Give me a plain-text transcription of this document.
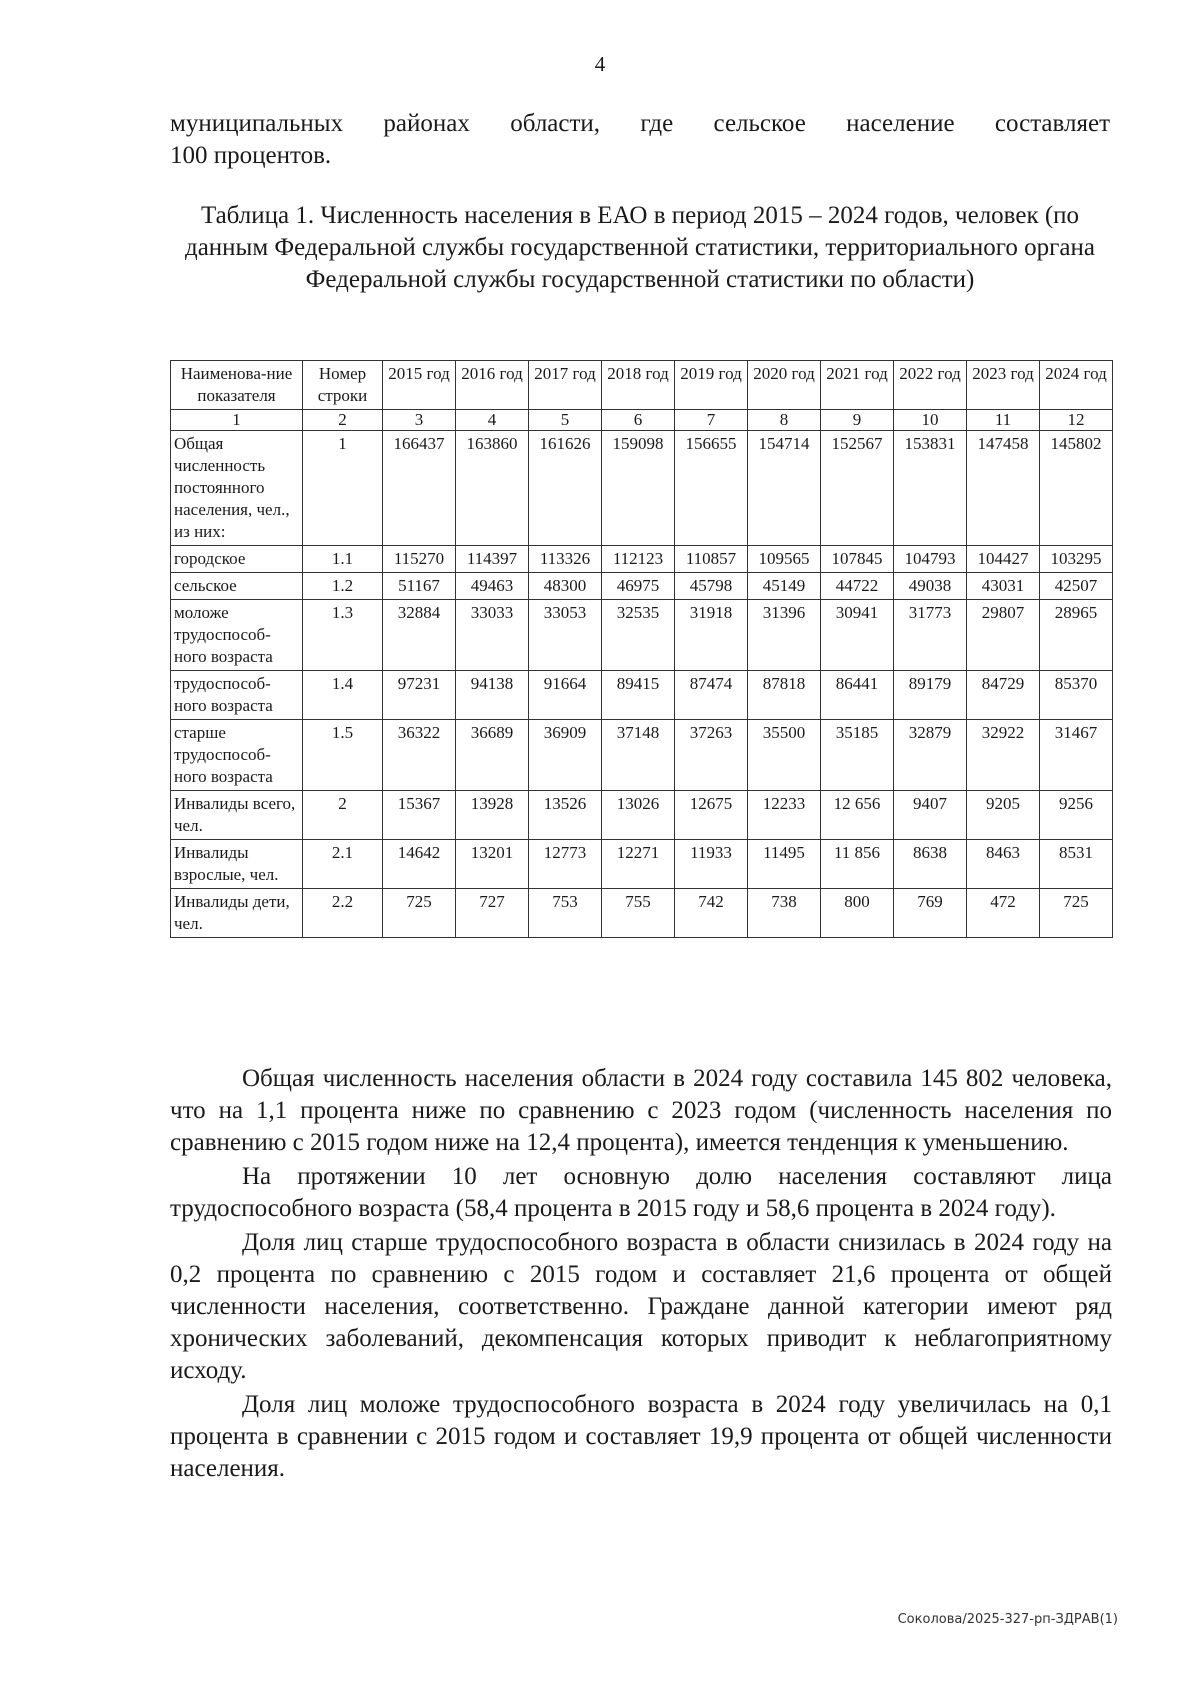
4
муниципальных районах области, где сельское население составляет
100 процентов.
Таблица 1. Численность населения в ЕАО в период 2015 – 2024 годов, человек (по данным Федеральной службы государственной статистики, территориального органа Федеральной службы государственной статистики по области)
Наименова-ние показателя	Номер строки	2015 год	2016 год	2017 год	2018 год	2019 год	2020 год	2021 год	2022 год	2023 год	2024 год
1	2	3	4	5	6	7	8	9	10	11	12
Общая численность постоянного населения, чел., из них:	1	166437	163860	161626	159098	156655	154714	152567	153831	147458	145802
городское	1.1	115270	114397	113326	112123	110857	109565	107845	104793	104427	103295
сельское	1.2	51167	49463	48300	46975	45798	45149	44722	49038	43031	42507
моложе трудоспособ-ного возраста	1.3	32884	33033	33053	32535	31918	31396	30941	31773	29807	28965
трудоспособ-ного возраста	1.4	97231	94138	91664	89415	87474	87818	86441	89179	84729	85370
старше трудоспособ-ного возраста	1.5	36322	36689	36909	37148	37263	35500	35185	32879	32922	31467
Инвалиды всего, чел.	2	15367	13928	13526	13026	12675	12233	12 656	9407	9205	9256
Инвалиды взрослые, чел.	2.1	14642	13201	12773	12271	11933	11495	11 856	8638	8463	8531
Инвалиды дети, чел.	2.2	725	727	753	755	742	738	800	769	472	725

Общая численность населения области в 2024 году составила 145 802 человека, что на 1,1 процента ниже по сравнению с 2023 годом (численность населения по сравнению с 2015 годом ниже на 12,4 процента), имеется тенденция к уменьшению.

На протяжении 10 лет основную долю населения составляют лица трудоспособного возраста (58,4 процента в 2015 году и 58,6 процента в 2024 году).

Доля лиц старше трудоспособного возраста в области снизилась в 2024 году на 0,2 процента по сравнению с 2015 годом и составляет 21,6 процента от общей численности населения, соответственно. Граждане данной категории имеют ряд хронических заболеваний, декомпенсация которых приводит к неблагоприятному исходу.

Доля лиц моложе трудоспособного возраста в 2024 году увеличилась на 0,1 процента в сравнении с 2015 годом и составляет 19,9 процента от общей численности населения.

Соколова/2025-327-рп-ЗДРАВ(1)
